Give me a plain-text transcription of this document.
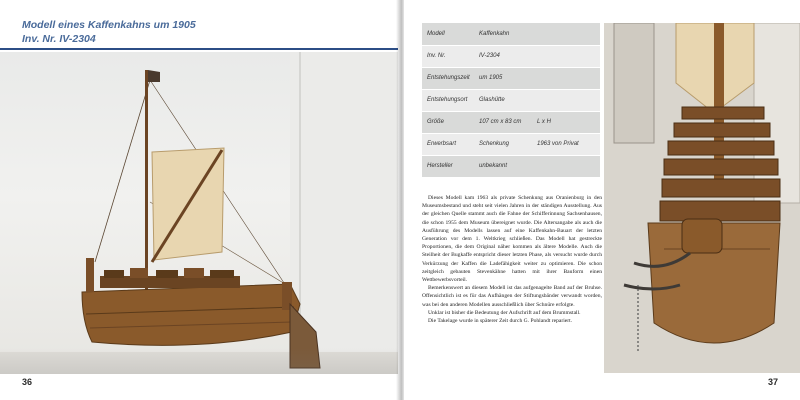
Modell eines Kaffenkahns um 1905
Inv. Nr. IV-2304
36
Modell	Kaffenkahn	
Inv. Nr.	IV-2304	
Entstehungszeit	um 1905	
Entstehungsort	Glashütte	
Größe	107 cm x 83 cm	L x H
Erwerbsart	Schenkung	1963 von Privat
Hersteller	unbekannt	

Dieses Modell kam 1963 als private Schenkung aus Oranienburg in den Museumsbestand und steht seit vielen Jahren in der ständigen Ausstellung. Aus der gleichen Quelle stammt auch die Fahne der Schifferinnung Sachsenhausen, die schon 1955 dem Museum übereignet wurde. Die Altersangabe als auch die Ausführung des Modells lassen auf eine Kaffenkahn-Bauart der letzten Generation vor dem 1. Weltkrieg schließen. Das Modell hat gestreckte Proportionen, die dem Original näher kommen als ältere Modelle. Auch die Steilheit der Bugkaffe entspricht dieser letzten Phase, als versucht wurde durch Verkürzung der Kaffen die Ladefähigkeit weiter zu optimieren. Die schon zeitgleich gebauten Stevenkähne hatten mit ihrer Bauform einen Wettbewerbsvorteil.

Bemerkenswert an diesem Modell ist das aufgenagelte Band auf der Bruhse. Offensichtlich ist es für das Aufhängen der Stiftungsbänder verwandt worden, was bei den anderen Modellen ausschließlich über Schnüre erfolgte.

Unklar ist bisher die Bedeutung der Aufschrift auf dem Brummstall.

Die Takelage wurde in späterer Zeit durch G. Pohlandt repariert.

37
